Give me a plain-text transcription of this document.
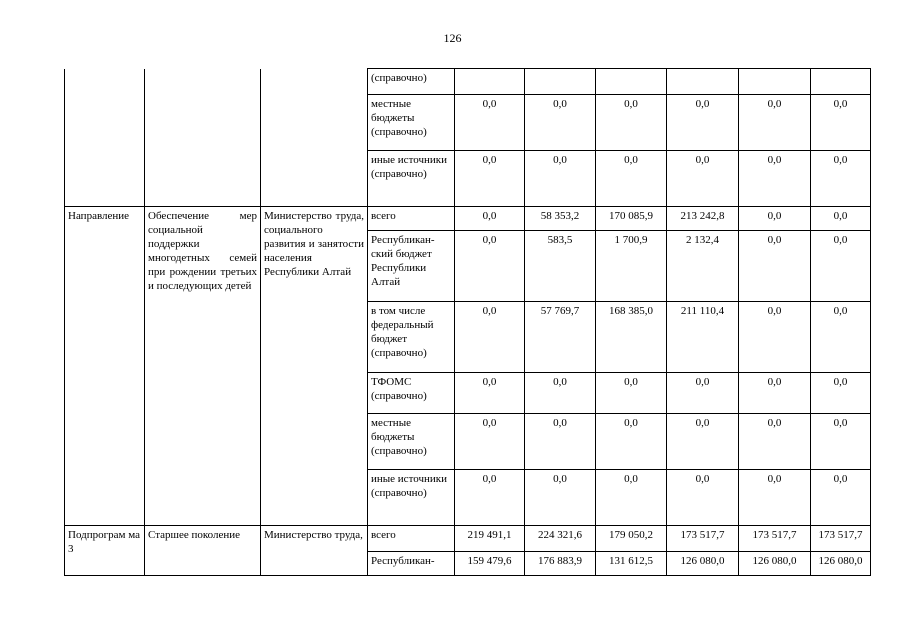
126
			(справочно)						
			местные бюджеты (справочно)	0,0	0,0	0,0	0,0	0,0	0,0
			иные источники (справочно)	0,0	0,0	0,0	0,0	0,0	0,0
Направление	Обеспечение мер социальной поддержки многодетных семей при рождении третьих и последующих детей	Министерство труда, социального развития и занятости населения Республики Алтай	всего	0,0	58 353,2	170 085,9	213 242,8	0,0	0,0
			Республикан-ский бюджет Республики Алтай	0,0	583,5	1 700,9	2 132,4	0,0	0,0
			в том числе федеральный бюджет (справочно)	0,0	57 769,7	168 385,0	211 110,4	0,0	0,0
			ТФОМС (справочно)	0,0	0,0	0,0	0,0	0,0	0,0
			местные бюджеты (справочно)	0,0	0,0	0,0	0,0	0,0	0,0
			иные источники (справочно)	0,0	0,0	0,0	0,0	0,0	0,0
Подпрограм ма 3	Старшее поколение	Министерство труда,	всего	219 491,1	224 321,6	179 050,2	173 517,7	173 517,7	173 517,7
			Республикан-	159 479,6	176 883,9	131 612,5	126 080,0	126 080,0	126 080,0
